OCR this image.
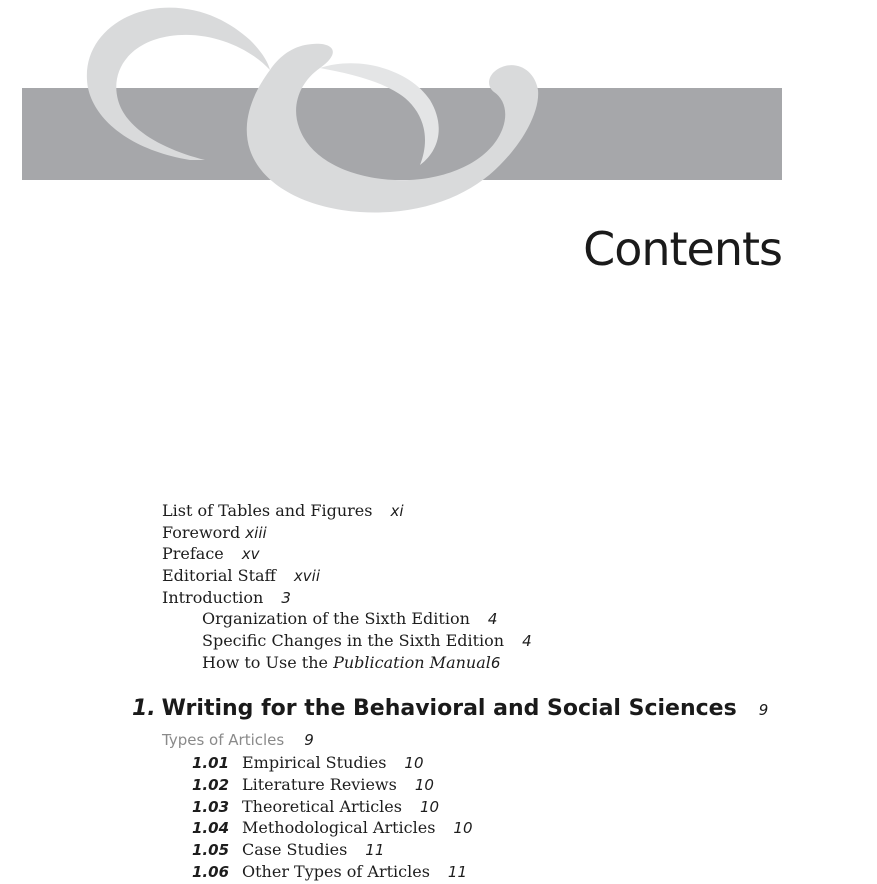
Contents
List of Tables and Figures xi
Foreword xiii
Preface xv
Editorial Staff xvii
Introduction 3
Organization of the Sixth Edition 4
Specific Changes in the Sixth Edition 4
How to Use the Publication Manual6
1. Writing for the Behavioral and Social Sciences 9
Types of Articles 9
1.01 Empirical Studies 10
1.02 Literature Reviews 10
1.03 Theoretical Articles 10
1.04 Methodological Articles 10
1.05 Case Studies 11
1.06 Other Types of Articles 11
